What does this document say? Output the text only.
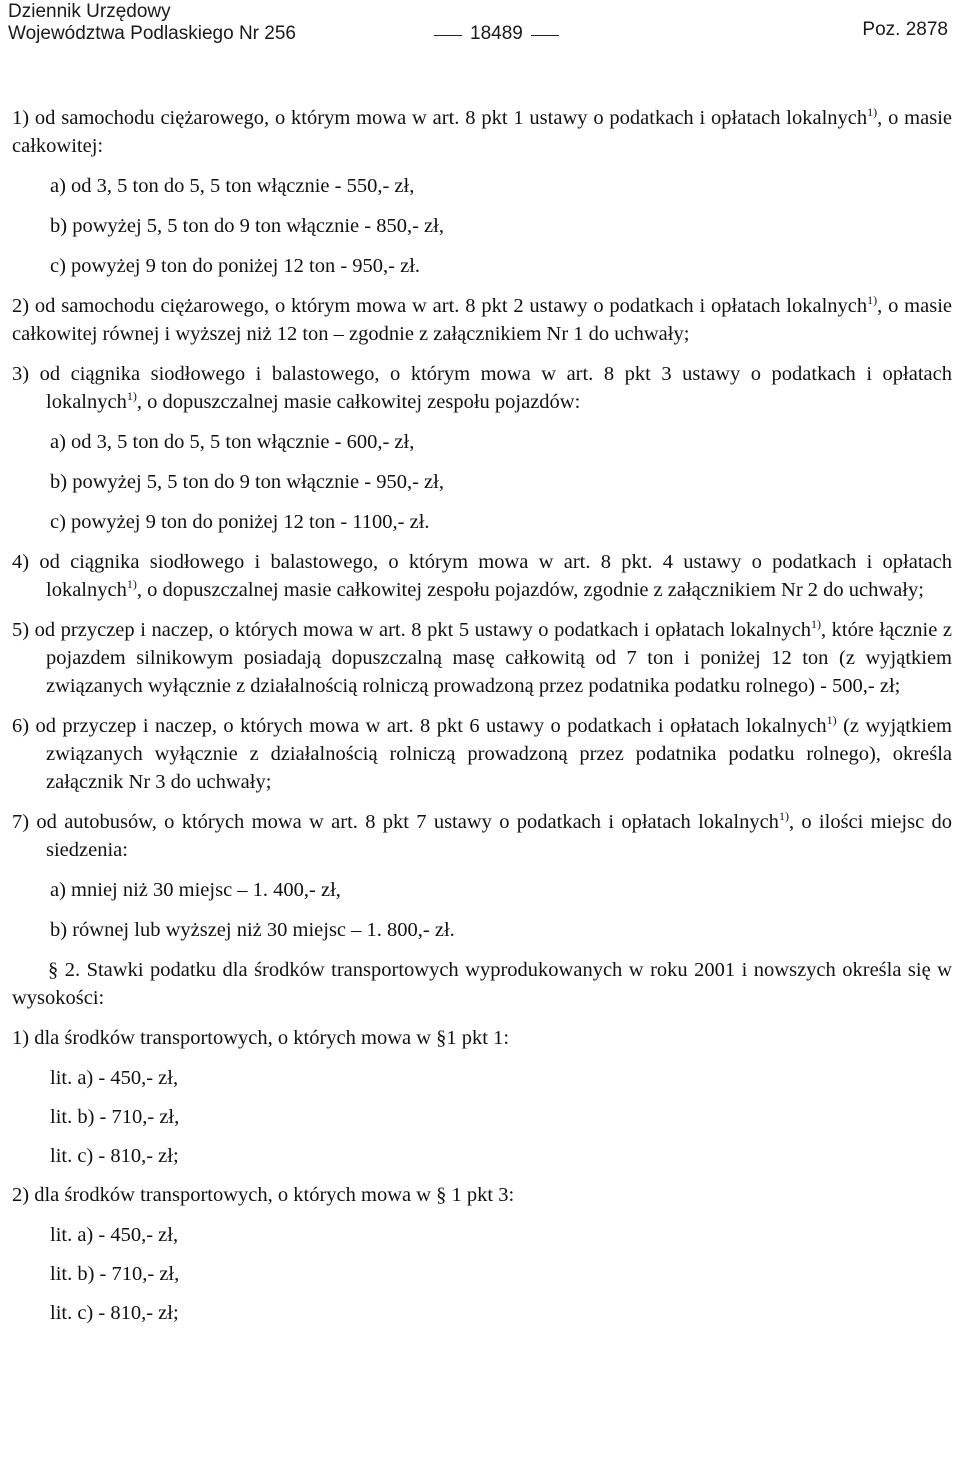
Dziennik Urzędowy
Województwa Podlaskiego Nr 256	18489	Poz. 2878

1) od samochodu ciężarowego, o którym mowa w art. 8 pkt 1 ustawy o podatkach i opłatach lokalnych$^{1)}$, o masie całkowitej:

a) od 3, 5 ton do 5, 5 ton włącznie - 550,- zł,

b) powyżej 5, 5 ton do 9 ton włącznie - 850,- zł,

c) powyżej 9 ton do poniżej 12 ton - 950,- zł.

2) od samochodu ciężarowego, o którym mowa w art. 8 pkt 2 ustawy o podatkach i opłatach lokalnych$^{1)}$, o masie całkowitej równej i wyższej niż 12 ton – zgodnie z załącznikiem Nr 1 do uchwały;

3) od ciągnika siodłowego i balastowego, o którym mowa w art. 8 pkt 3 ustawy o podatkach i opłatach lokalnych$^{1)}$, o dopuszczalnej masie całkowitej zespołu pojazdów:

a) od 3, 5 ton do 5, 5 ton włącznie - 600,- zł,

b) powyżej 5, 5 ton do 9 ton włącznie - 950,- zł,

c) powyżej 9 ton do poniżej 12 ton - 1100,- zł.

4) od ciągnika siodłowego i balastowego, o którym mowa w art. 8 pkt. 4 ustawy o podatkach i opłatach lokalnych$^{1)}$, o dopuszczalnej masie całkowitej zespołu pojazdów, zgodnie z załącznikiem Nr 2 do uchwały;

5) od przyczep i naczep, o których mowa w art. 8 pkt 5 ustawy o podatkach i opłatach lokalnych$^{1)}$, które łącznie z pojazdem silnikowym posiadają dopuszczalną masę całkowitą od 7 ton i poniżej 12 ton (z wyjątkiem związanych wyłącznie z działalnością rolniczą prowadzoną przez podatnika podatku rolnego) - 500,- zł;

6) od przyczep i naczep, o których mowa w art. 8 pkt 6 ustawy o podatkach i opłatach lokalnych$^{1)}$ (z wyjątkiem związanych wyłącznie z działalnością rolniczą prowadzoną przez podatnika podatku rolnego), określa załącznik Nr 3 do uchwały;

7) od autobusów, o których mowa w art. 8 pkt 7 ustawy o podatkach i opłatach lokalnych$^{1)}$, o ilości miejsc do siedzenia:

a) mniej niż 30 miejsc – 1. 400,- zł,

b) równej lub wyższej niż 30 miejsc – 1. 800,- zł.

§ 2. Stawki podatku dla środków transportowych wyprodukowanych w roku 2001 i nowszych określa się w wysokości:

1) dla środków transportowych, o których mowa w §1 pkt 1:

lit. a) - 450,- zł,

lit. b) - 710,- zł,

lit. c) - 810,- zł;

2) dla środków transportowych, o których mowa w § 1 pkt 3:

lit. a) - 450,- zł,

lit. b) - 710,- zł,

lit. c) - 810,- zł;
